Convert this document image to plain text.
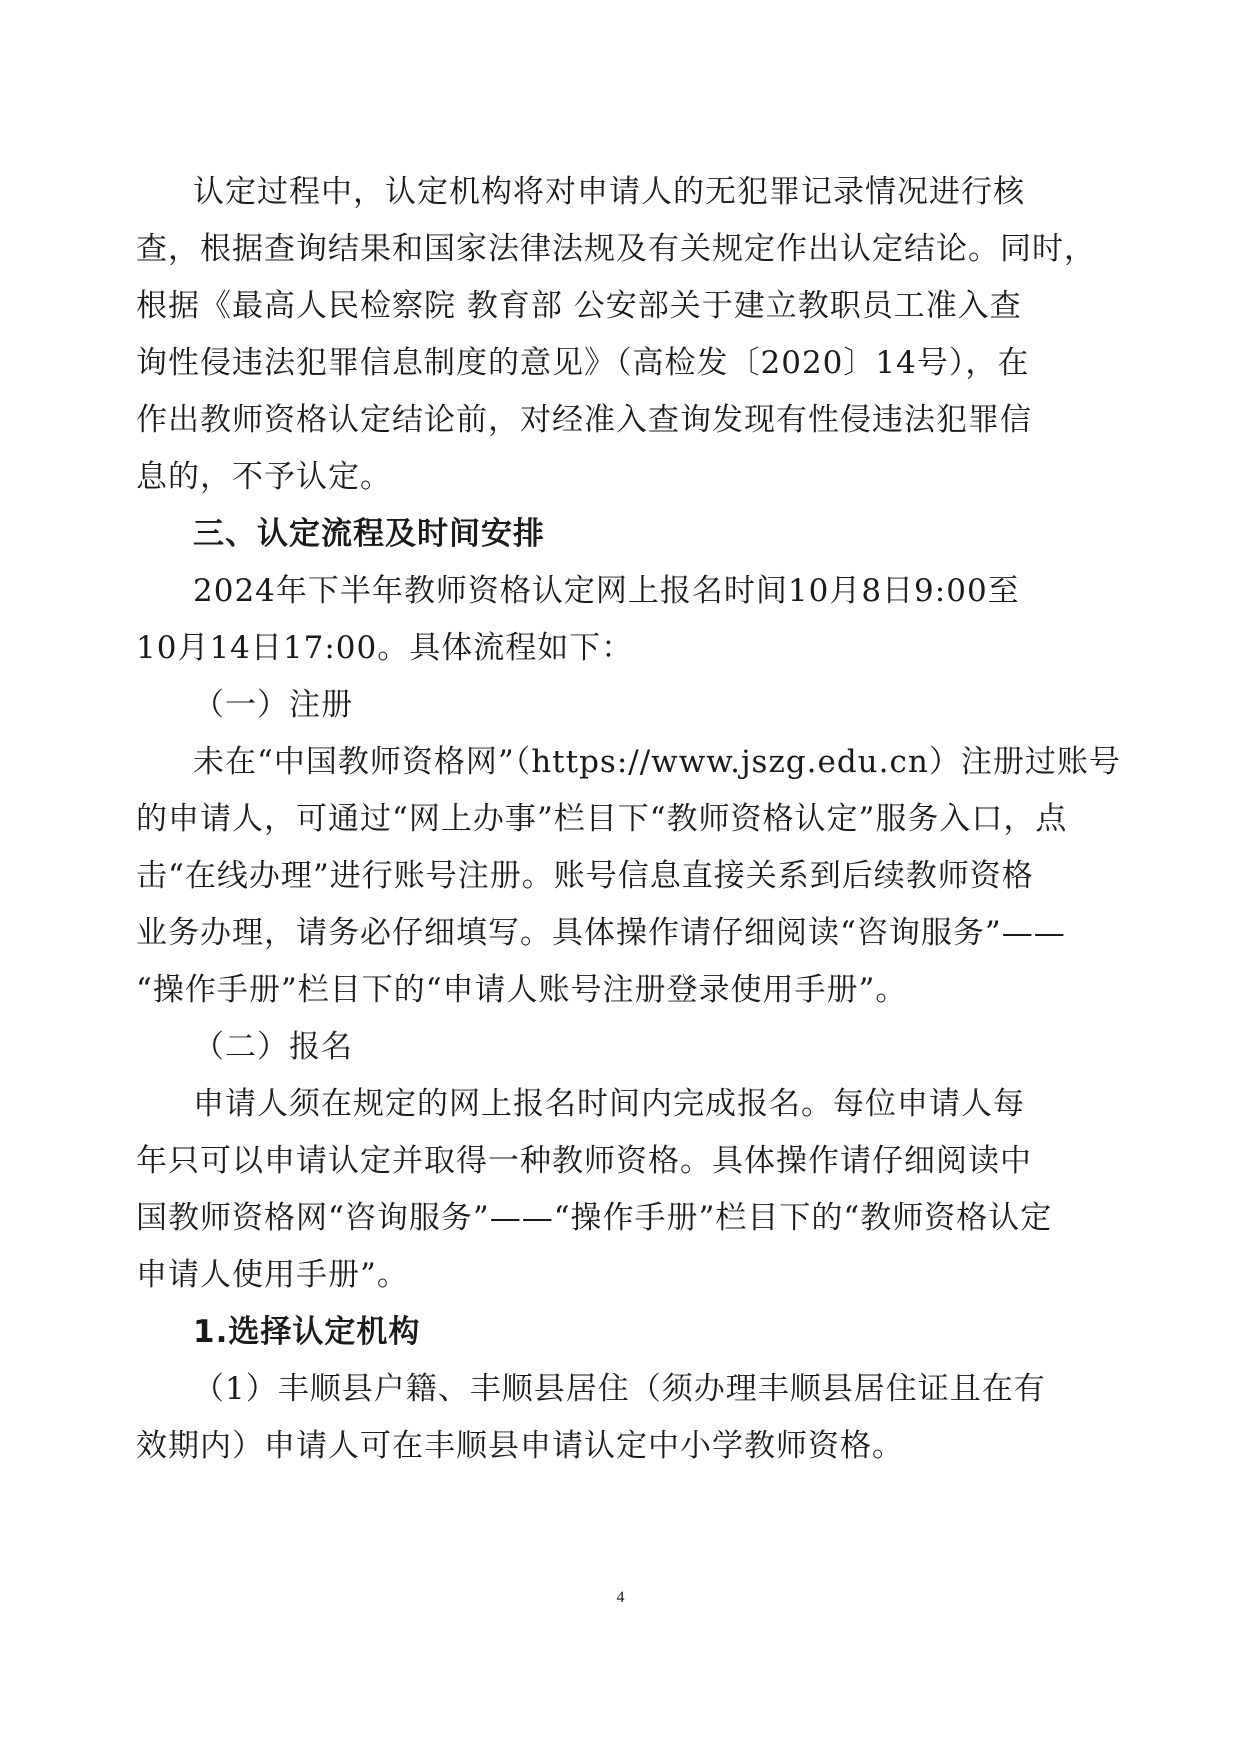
认定过程中，认定机构将对申请人的无犯罪记录情况进行核
查，根据查询结果和国家法律法规及有关规定作出认定结论。同时，
根据《最高人民检察院 教育部 公安部关于建立教职员工准入查
询性侵违法犯罪信息制度的意见》（高检发〔2020〕14号），在
作出教师资格认定结论前，对经准入查询发现有性侵违法犯罪信
息的，不予认定。
三、认定流程及时间安排
2024年下半年教师资格认定网上报名时间10月8日9:00至
10月14日17:00。具体流程如下：
（一）注册
未在“中国教师资格网”（https://www.jszg.edu.cn）注册过账号
的申请人，可通过“网上办事”栏目下“教师资格认定”服务入口，点
击“在线办理”进行账号注册。账号信息直接关系到后续教师资格
业务办理，请务必仔细填写。具体操作请仔细阅读“咨询服务”——
“操作手册”栏目下的“申请人账号注册登录使用手册”。
（二）报名
申请人须在规定的网上报名时间内完成报名。每位申请人每
年只可以申请认定并取得一种教师资格。具体操作请仔细阅读中
国教师资格网“咨询服务”——“操作手册”栏目下的“教师资格认定
申请人使用手册”。
1.选择认定机构
（1）丰顺县户籍、丰顺县居住（须办理丰顺县居住证且在有
效期内）申请人可在丰顺县申请认定中小学教师资格。
4
